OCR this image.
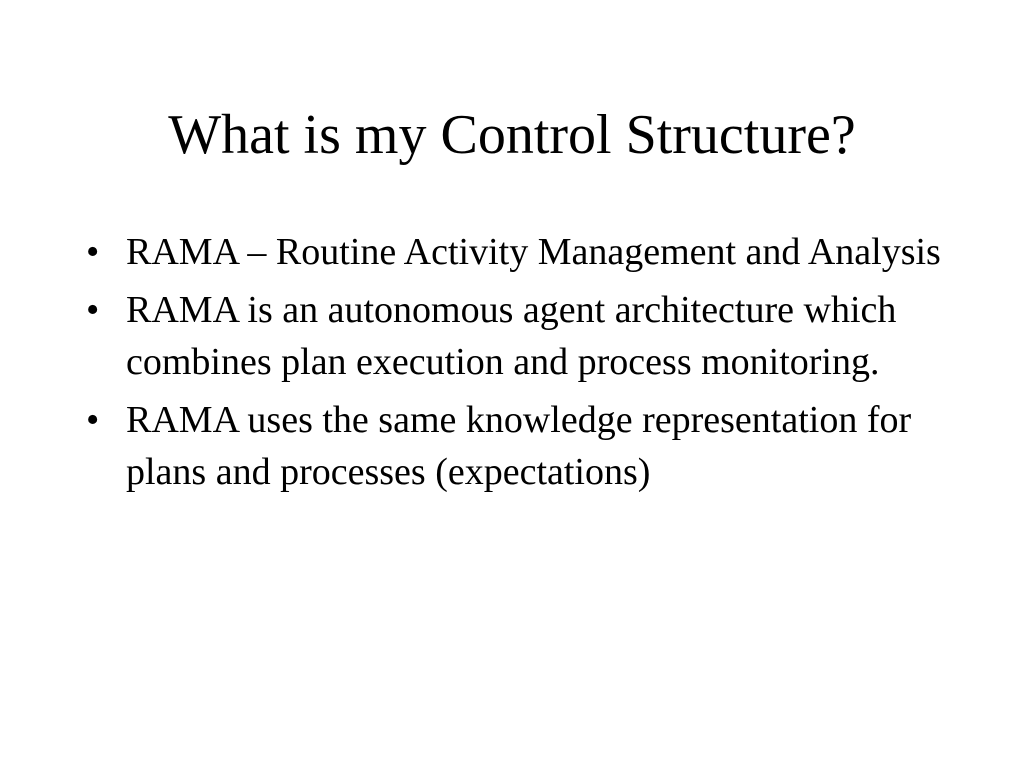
What is my Control Structure?
• RAMA – Routine Activity Management and Analysis
• RAMA is an autonomous agent architecture which combines plan execution and process monitoring.
• RAMA uses the same knowledge representation for plans and processes (expectations)
